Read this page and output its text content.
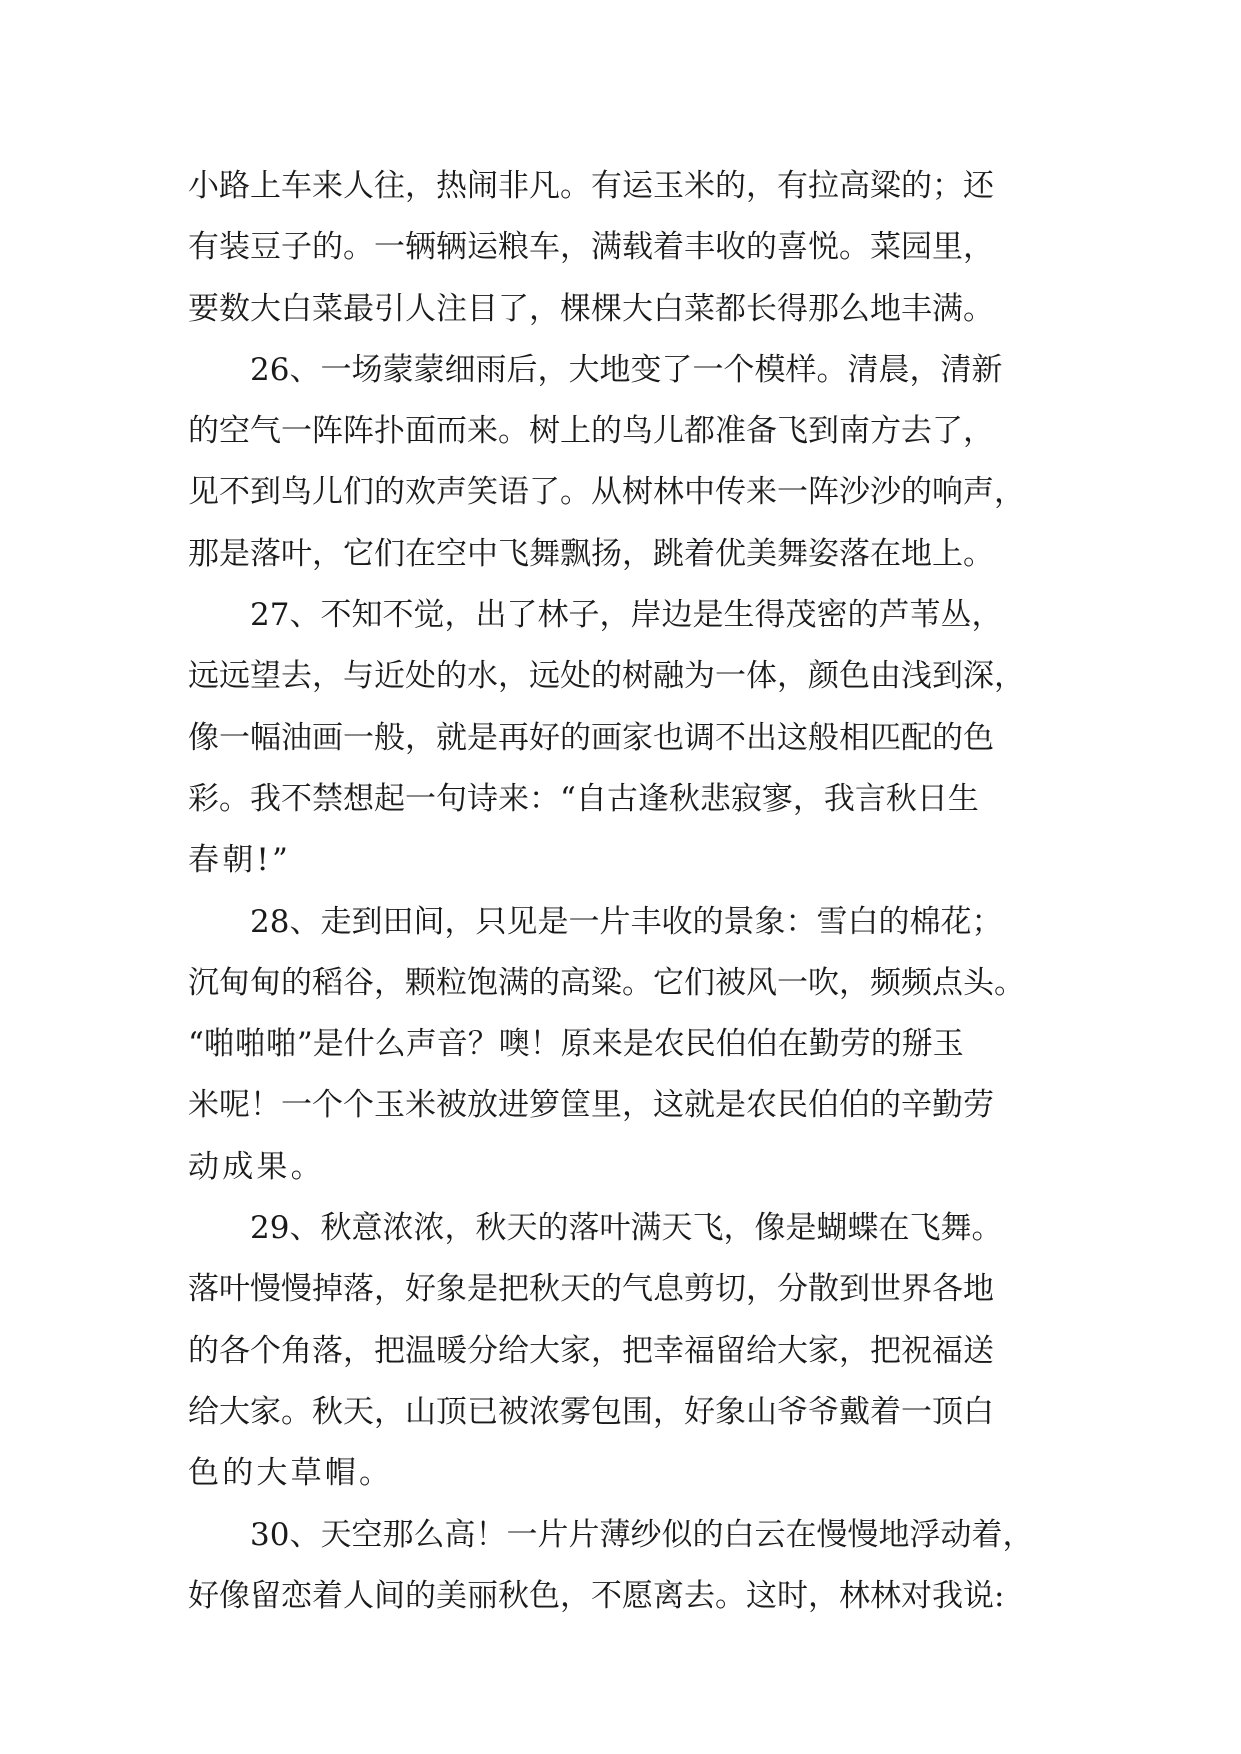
小路上车来人往，热闹非凡。有运玉米的，有拉高粱的；还
有装豆子的。一辆辆运粮车，满载着丰收的喜悦。菜园里，
要数大白菜最引人注目了，棵棵大白菜都长得那么地丰满。
26、一场蒙蒙细雨后，大地变了一个模样。清晨，清新
的空气一阵阵扑面而来。树上的鸟儿都准备飞到南方去了，
见不到鸟儿们的欢声笑语了。从树林中传来一阵沙沙的响声，
那是落叶，它们在空中飞舞飘扬，跳着优美舞姿落在地上。
27、不知不觉，出了林子，岸边是生得茂密的芦苇丛，
远远望去，与近处的水，远处的树融为一体，颜色由浅到深，
像一幅油画一般，就是再好的画家也调不出这般相匹配的色
彩。我不禁想起一句诗来：“自古逢秋悲寂寥，我言秋日生
春朝!”
28、走到田间，只见是一片丰收的景象：雪白的棉花；
沉甸甸的稻谷，颗粒饱满的高粱。它们被风一吹，频频点头。
“啪啪啪”是什么声音？噢！原来是农民伯伯在勤劳的掰玉
米呢！一个个玉米被放进箩筐里，这就是农民伯伯的辛勤劳
动成果。
29、秋意浓浓，秋天的落叶满天飞，像是蝴蝶在飞舞。
落叶慢慢掉落，好象是把秋天的气息剪切，分散到世界各地
的各个角落，把温暖分给大家，把幸福留给大家，把祝福送
给大家。秋天，山顶已被浓雾包围，好象山爷爷戴着一顶白
色的大草帽。
30、天空那么高！一片片薄纱似的白云在慢慢地浮动着，
好像留恋着人间的美丽秋色，不愿离去。这时，林林对我说:
